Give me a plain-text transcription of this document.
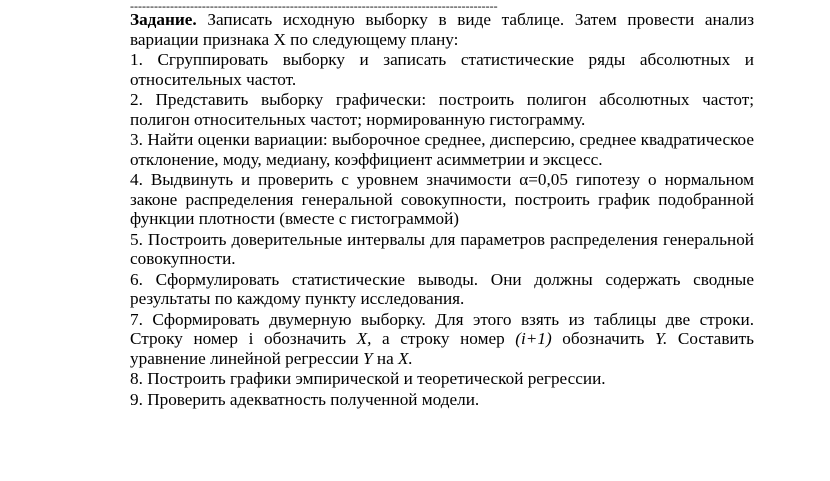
--------------------------------------------------------------------------------------------

Задание. Записать исходную выборку в виде таблице. Затем провести анализ вариации признака Х по следующему плану:

1. Сгруппировать выборку и записать статистические ряды абсолютных и относительных частот.

2. Представить выборку графически: построить полигон абсолютных частот; полигон относительных частот; нормированную гистограмму.

3. Найти оценки вариации: выборочное среднее, дисперсию, среднее квадратическое отклонение, моду, медиану, коэффициент асимметрии и эксцесс.

4. Выдвинуть и проверить с уровнем значимости α=0,05 гипотезу о нормальном законе распределения генеральной совокупности, построить график подобранной функции плотности (вместе с гистограммой)

5. Построить доверительные интервалы для параметров распределения генеральной совокупности.

6. Сформулировать статистические выводы. Они должны содержать сводные результаты по каждому пункту исследования.

7. Сформировать двумерную выборку. Для этого взять из таблицы две строки. Строку номер i обозначить X, а строку номер (i+1) обозначить Y. Составить уравнение линейной регрессии Y на X.

8. Построить графики эмпирической и теоретической регрессии.

9. Проверить адекватность полученной модели.
